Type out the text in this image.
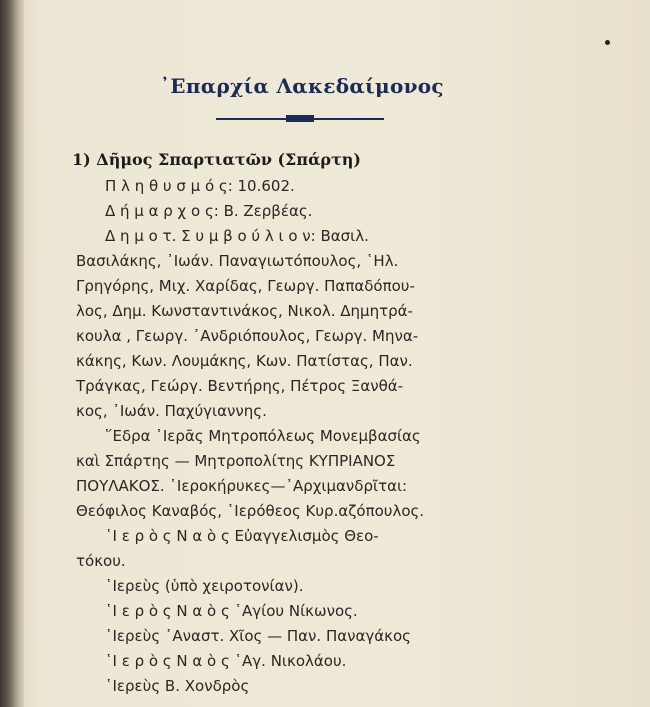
᾿Επαρχία Λακεδαίμονος
1) Δῆμος Σπαρτιατῶν (Σπάρτη)
Π λ η θ υ σ μ ό ς: 10.602.
Δ ή μ α ρ χ ο ς: Β. Ζερβέας.
Δ η μ ο τ. Σ υ μ β ο ύ λ ι ο ν: Βασιλ.
Βασιλάκης, ᾿Ιωάν. Παναγιωτόπουλος, ῾Ηλ.
Γρηγόρης, Μιχ. Χαρίδας, Γεωργ. Παπαδόπου-
λος, Δημ. Κωνσταντινάκος, Νικολ. Δημητρά-
κουλα , Γεωργ. ᾿Ανδριόπουλος, Γεωργ. Μηνα-
κάκης, Κων. Λουμάκης, Κων. Πατίστας, Παν.
Τράγκας, Γεώργ. Βεντήρης, Πέτρος Ξανθά-
κος, ᾿Ιωάν. Παχύγιαννης.
῞Εδρα ῾Ιερᾶς Μητροπόλεως Μονεμβασίας
καὶ Σπάρτης — Μητροπολίτης ΚΥΠΡΙΑΝΟΣ
ΠΟΥΛΑΚΟΣ. ῾Ιεροκήρυκες—᾿Αρχιμανδρῖται:
Θεόφιλος Καναβός, ῾Ιερόθεος Κυρ.αζόπουλος.
῾Ι ε ρ ὸ ς Ν α ὸ ς Εὐαγγελισμὸς Θεο-
τόκου.
῾Ιερεὺς (ὑπὸ χειροτονίαν).
῾Ι ε ρ ὸ ς Ν α ὸ ς ῾Αγίου Νίκωνος.
῾Ιερεὺς ᾿Αναστ. Χῖος — Παν. Παναγάκος
῾Ι ε ρ ὸ ς Ν α ὸ ς ῾Αγ. Νικολάου.
῾Ιερεὺς Β. Χονδρὸς
